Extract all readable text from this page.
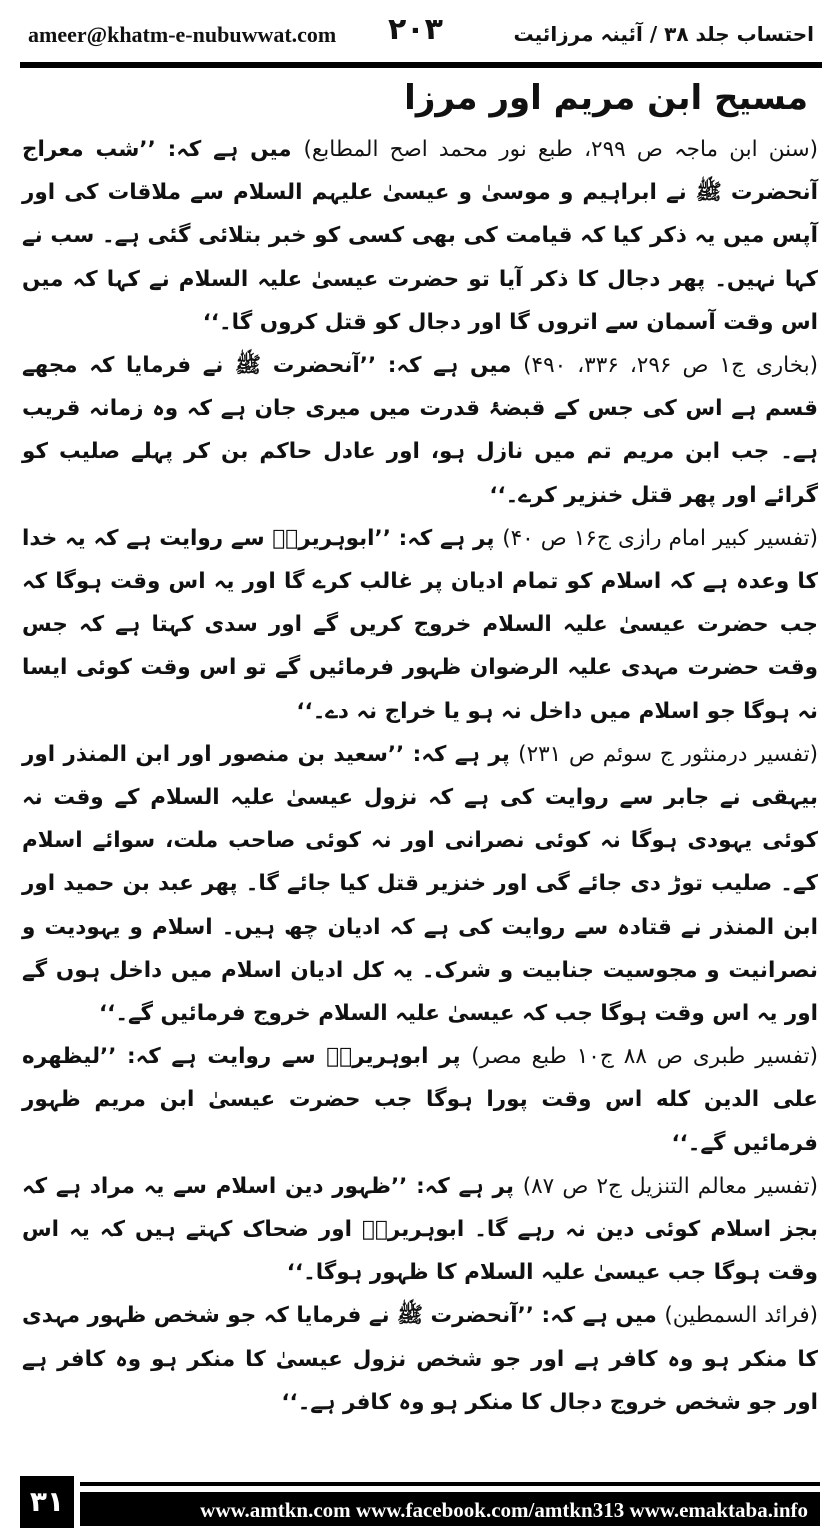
ameer@khatm-e-nubuwwat.com ۲۰۳	احتساب جلد ۳۸ / آئینہ مرزائیت
مسیح ابن مریم اور مرزا

(سنن ابن ماجہ ص ۲۹۹، طبع نور محمد اصح المطابع) میں ہے کہ: ’’شب معراج آنحضرت ﷺ نے ابراہیم و موسیٰ و عیسیٰ علیہم السلام سے ملاقات کی اور آپس میں یہ ذکر کیا کہ قیامت کی بھی کسی کو خبر بتلائی گئی ہے۔ سب نے کہا نہیں۔ پھر دجال کا ذکر آیا تو حضرت عیسیٰ علیہ السلام نے کہا کہ میں اس وقت آسمان سے اتروں گا اور دجال کو قتل کروں گا۔‘‘

(بخاری ج۱ ص ۲۹۶، ۳۳۶، ۴۹۰) میں ہے کہ: ’’آنحضرت ﷺ نے فرمایا کہ مجھے قسم ہے اس کی جس کے قبضۂ قدرت میں میری جان ہے کہ وہ زمانہ قریب ہے۔ جب ابن مریم تم میں نازل ہو، اور عادل حاکم بن کر پہلے صلیب کو گرائے اور پھر قتل خنزیر کرے۔‘‘

(تفسیر کبیر امام رازی ج۱۶ ص ۴۰) پر ہے کہ: ’’ابوہریرہؓ سے روایت ہے کہ یہ خدا کا وعدہ ہے کہ اسلام کو تمام ادیان پر غالب کرے گا اور یہ اس وقت ہوگا کہ جب حضرت عیسیٰ علیہ السلام خروج کریں گے اور سدی کہتا ہے کہ جس وقت حضرت مہدی علیہ الرضوان ظہور فرمائیں گے تو اس وقت کوئی ایسا نہ ہوگا جو اسلام میں داخل نہ ہو یا خراج نہ دے۔‘‘

(تفسیر درمنثور ج سوئم ص ۲۳۱) پر ہے کہ: ’’سعید بن منصور اور ابن المنذر اور بیہقی نے جابر سے روایت کی ہے کہ نزول عیسیٰ علیہ السلام کے وقت نہ کوئی یہودی ہوگا نہ کوئی نصرانی اور نہ کوئی صاحب ملت، سوائے اسلام کے۔ صلیب توڑ دی جائے گی اور خنزیر قتل کیا جائے گا۔ پھر عبد بن حمید اور ابن المنذر نے قتادہ سے روایت کی ہے کہ ادیان چھ ہیں۔ اسلام و یہودیت و نصرانیت و مجوسیت جنابیت و شرک۔ یہ کل ادیان اسلام میں داخل ہوں گے اور یہ اس وقت ہوگا جب کہ عیسیٰ علیہ السلام خروج فرمائیں گے۔‘‘

(تفسیر طبری ص ۸۸ ج۱۰ طبع مصر) پر ابوہریرہؓ سے روایت ہے کہ: ’’لیظهره علی الدین كله اس وقت پورا ہوگا جب حضرت عیسیٰ ابن مریم ظہور فرمائیں گے۔‘‘

(تفسیر معالم التنزیل ج۲ ص ۸۷) پر ہے کہ: ’’ظہور دین اسلام سے یہ مراد ہے کہ بجز اسلام کوئی دین نہ رہے گا۔ ابوہریرہؓ اور ضحاک کہتے ہیں کہ یہ اس وقت ہوگا جب عیسیٰ علیہ السلام کا ظہور ہوگا۔‘‘

(فرائد السمطین) میں ہے کہ: ’’آنحضرت ﷺ نے فرمایا کہ جو شخص ظہور مہدی کا منکر ہو وہ کافر ہے اور جو شخص نزول عیسیٰ کا منکر ہو وہ کافر ہے اور جو شخص خروج دجال کا منکر ہو وہ کافر ہے۔‘‘

۳۱	www.amtkn.com www.facebook.com/amtkn313 www.emaktaba.info
